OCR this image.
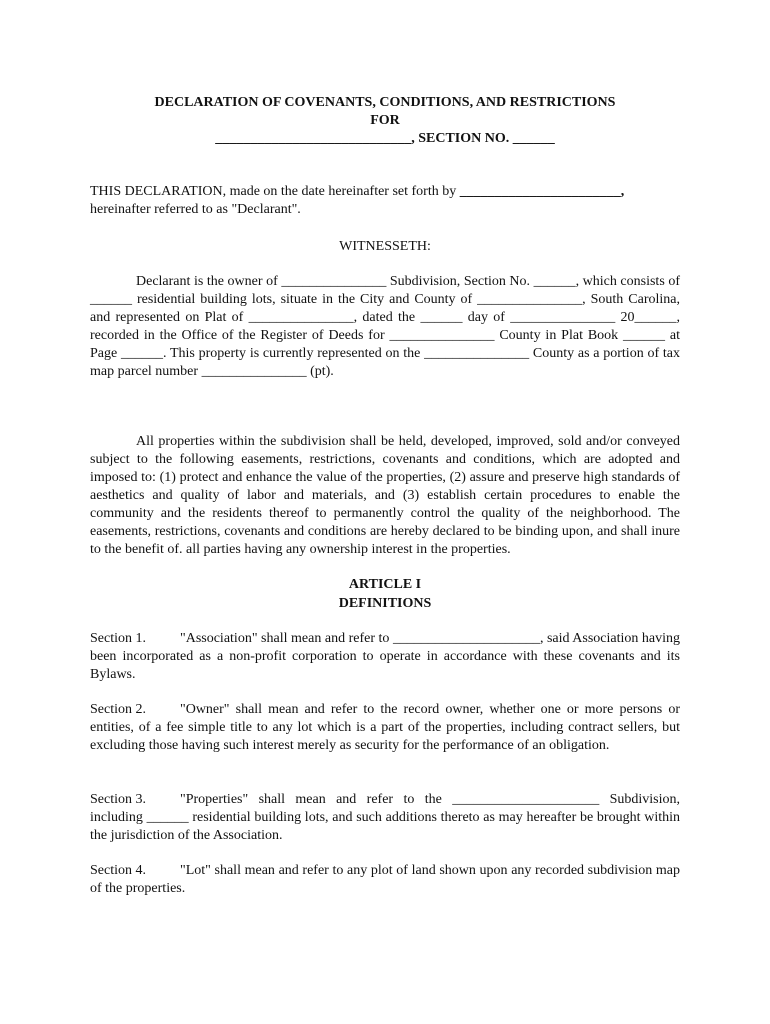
DECLARATION OF COVENANTS, CONDITIONS, AND RESTRICTIONS
FOR
____________________________, SECTION NO. ______

THIS DECLARATION, made on the date hereinafter set forth by _______________________,
hereinafter referred to as "Declarant".

WITNESSETH:

Declarant is the owner of _______________ Subdivision, Section No. ______, which consists of ______ residential building lots, situate in the City and County of _______________, South Carolina, and represented on Plat of _______________, dated the ______ day of _______________ 20______, recorded in the Office of the Register of Deeds for _______________ County in Plat Book ______ at Page ______. This property is currently represented on the _______________ County as a portion of tax map parcel number _______________ (pt).

All properties within the subdivision shall be held, developed, improved, sold and/or conveyed subject to the following easements, restrictions, covenants and conditions, which are adopted and imposed to: (1) protect and enhance the value of the properties, (2) assure and preserve high standards of aesthetics and quality of labor and materials, and (3) establish certain procedures to enable the community and the residents thereof to permanently control the quality of the neighborhood. The easements, restrictions, covenants and conditions are hereby declared to be binding upon, and shall inure to the benefit of. all parties having any ownership interest in the properties.

ARTICLE I
DEFINITIONS

Section 1. "Association" shall mean and refer to _____________________, said Association having been incorporated as a non-profit corporation to operate in accordance with these covenants and its Bylaws.

Section 2. "Owner" shall mean and refer to the record owner, whether one or more persons or entities, of a fee simple title to any lot which is a part of the properties, including contract sellers, but excluding those having such interest merely as security for the performance of an obligation.

Section 3. "Properties" shall mean and refer to the _____________________ Subdivision, including ______ residential building lots, and such additions thereto as may hereafter be brought within the jurisdiction of the Association.

Section 4. "Lot" shall mean and refer to any plot of land shown upon any recorded subdivision map of the properties.
